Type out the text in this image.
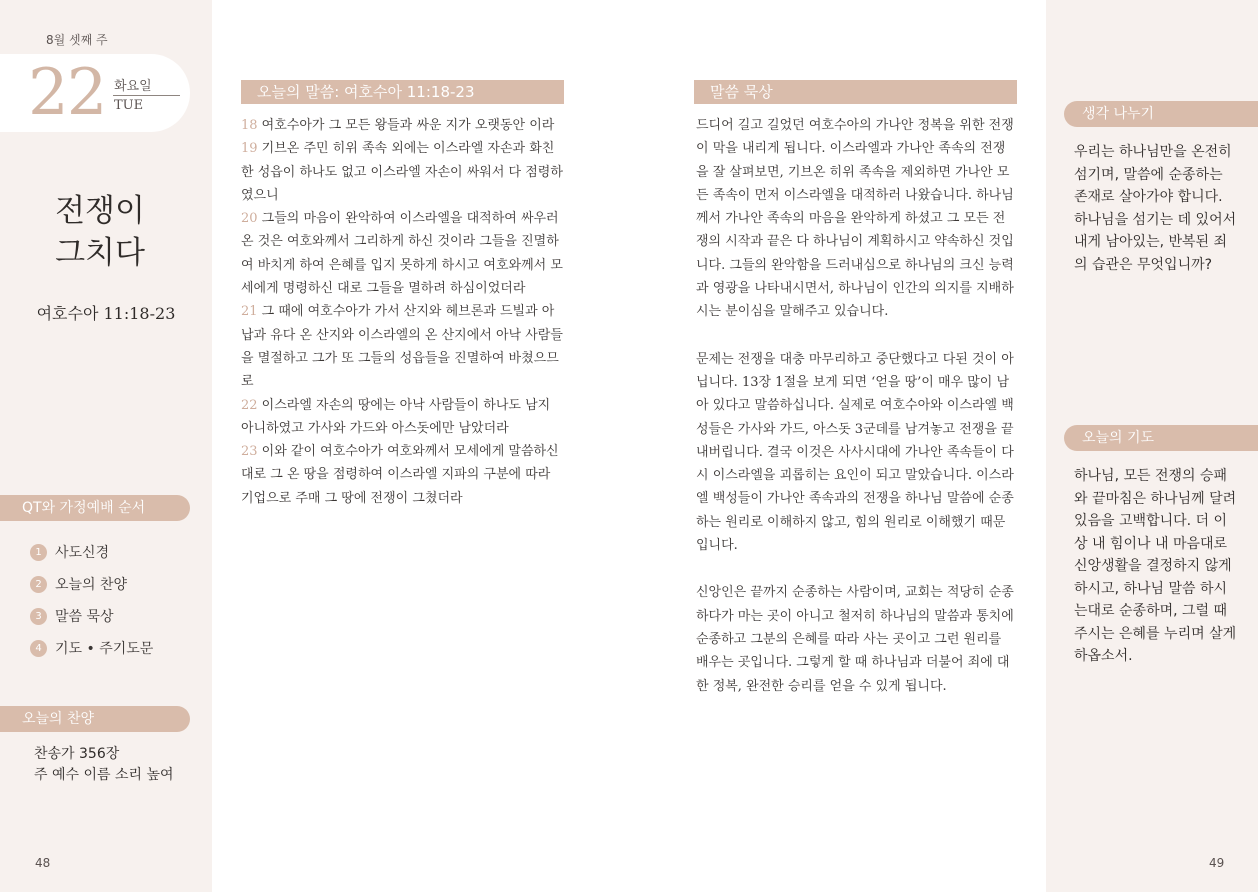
8월 셋째 주
22 화요일
TUE
전쟁이
그치다
여호수아 11:18-23
QT와 가정예배 순서
1 사도신경
2 오늘의 찬양
3 말씀 묵상
4 기도 • 주기도문
오늘의 찬양
찬송가 356장
주 예수 이름 소리 높여
48
오늘의 말씀: 여호수아 11:18-23

18 여호수아가 그 모든 왕들과 싸운 지가 오랫동안 이라

19 기브온 주민 히위 족속 외에는 이스라엘 자손과 화친한 성읍이 하나도 없고 이스라엘 자손이 싸워서 다 점령하였으니

20 그들의 마음이 완악하여 이스라엘을 대적하여 싸우러 온 것은 여호와께서 그리하게 하신 것이라 그들을 진멸하여 바치게 하여 은혜를 입지 못하게 하시고 여호와께서 모세에게 명령하신 대로 그들을 멸하려 하심이었더라

21 그 때에 여호수아가 가서 산지와 헤브론과 드빌과 아납과 유다 온 산지와 이스라엘의 온 산지에서 아낙 사람들을 멸절하고 그가 또 그들의 성읍들을 진멸하여 바쳤으므로

22 이스라엘 자손의 땅에는 아낙 사람들이 하나도 남지 아니하였고 가사와 가드와 아스돗에만 남았더라

23 이와 같이 여호수아가 여호와께서 모세에게 말씀하신 대로 그 온 땅을 점령하여 이스라엘 지파의 구분에 따라 기업으로 주매 그 땅에 전쟁이 그쳤더라

말씀 묵상

드디어 길고 길었던 여호수아의 가나안 정복을 위한 전쟁이 막을 내리게 됩니다. 이스라엘과 가나안 족속의 전쟁을 잘 살펴보면, 기브온 히위 족속을 제외하면 가나안 모든 족속이 먼저 이스라엘을 대적하러 나왔습니다. 하나님께서 가나안 족속의 마음을 완악하게 하셨고 그 모든 전쟁의 시작과 끝은 다 하나님이 계획하시고 약속하신 것입니다. 그들의 완악함을 드러내심으로 하나님의 크신 능력과 영광을 나타내시면서, 하나님이 인간의 의지를 지배하시는 분이심을 말해주고 있습니다.

문제는 전쟁을 대충 마무리하고 중단했다고 다된 것이 아닙니다. 13장 1절을 보게 되면 ‘얻을 땅’이 매우 많이 남아 있다고 말씀하십니다. 실제로 여호수아와 이스라엘 백성들은 가사와 가드, 아스돗 3군데를 남겨놓고 전쟁을 끝내버립니다. 결국 이것은 사사시대에 가나안 족속들이 다시 이스라엘을 괴롭히는 요인이 되고 말았습니다. 이스라엘 백성들이 가나안 족속과의 전쟁을 하나님 말씀에 순종하는 원리로 이해하지 않고, 힘의 원리로 이해했기 때문입니다.

신앙인은 끝까지 순종하는 사람이며, 교회는 적당히 순종하다가 마는 곳이 아니고 철저히 하나님의 말씀과 통치에 순종하고 그분의 은혜를 따라 사는 곳이고 그런 원리를 배우는 곳입니다. 그렇게 할 때 하나님과 더불어 죄에 대한 정복, 완전한 승리를 얻을 수 있게 됩니다.

생각 나누기
우리는 하나님만을 온전히 섬기며, 말씀에 순종하는 존재로 살아가야 합니다. 하나님을 섬기는 데 있어서 내게 남아있는, 반복된 죄의 습관은 무엇입니까?
오늘의 기도
하나님, 모든 전쟁의 승패와 끝마침은 하나님께 달려 있음을 고백합니다. 더 이상 내 힘이나 내 마음대로 신앙생활을 결정하지 않게 하시고, 하나님 말씀 하시는대로 순종하며, 그럴 때 주시는 은혜를 누리며 살게 하옵소서.
49
